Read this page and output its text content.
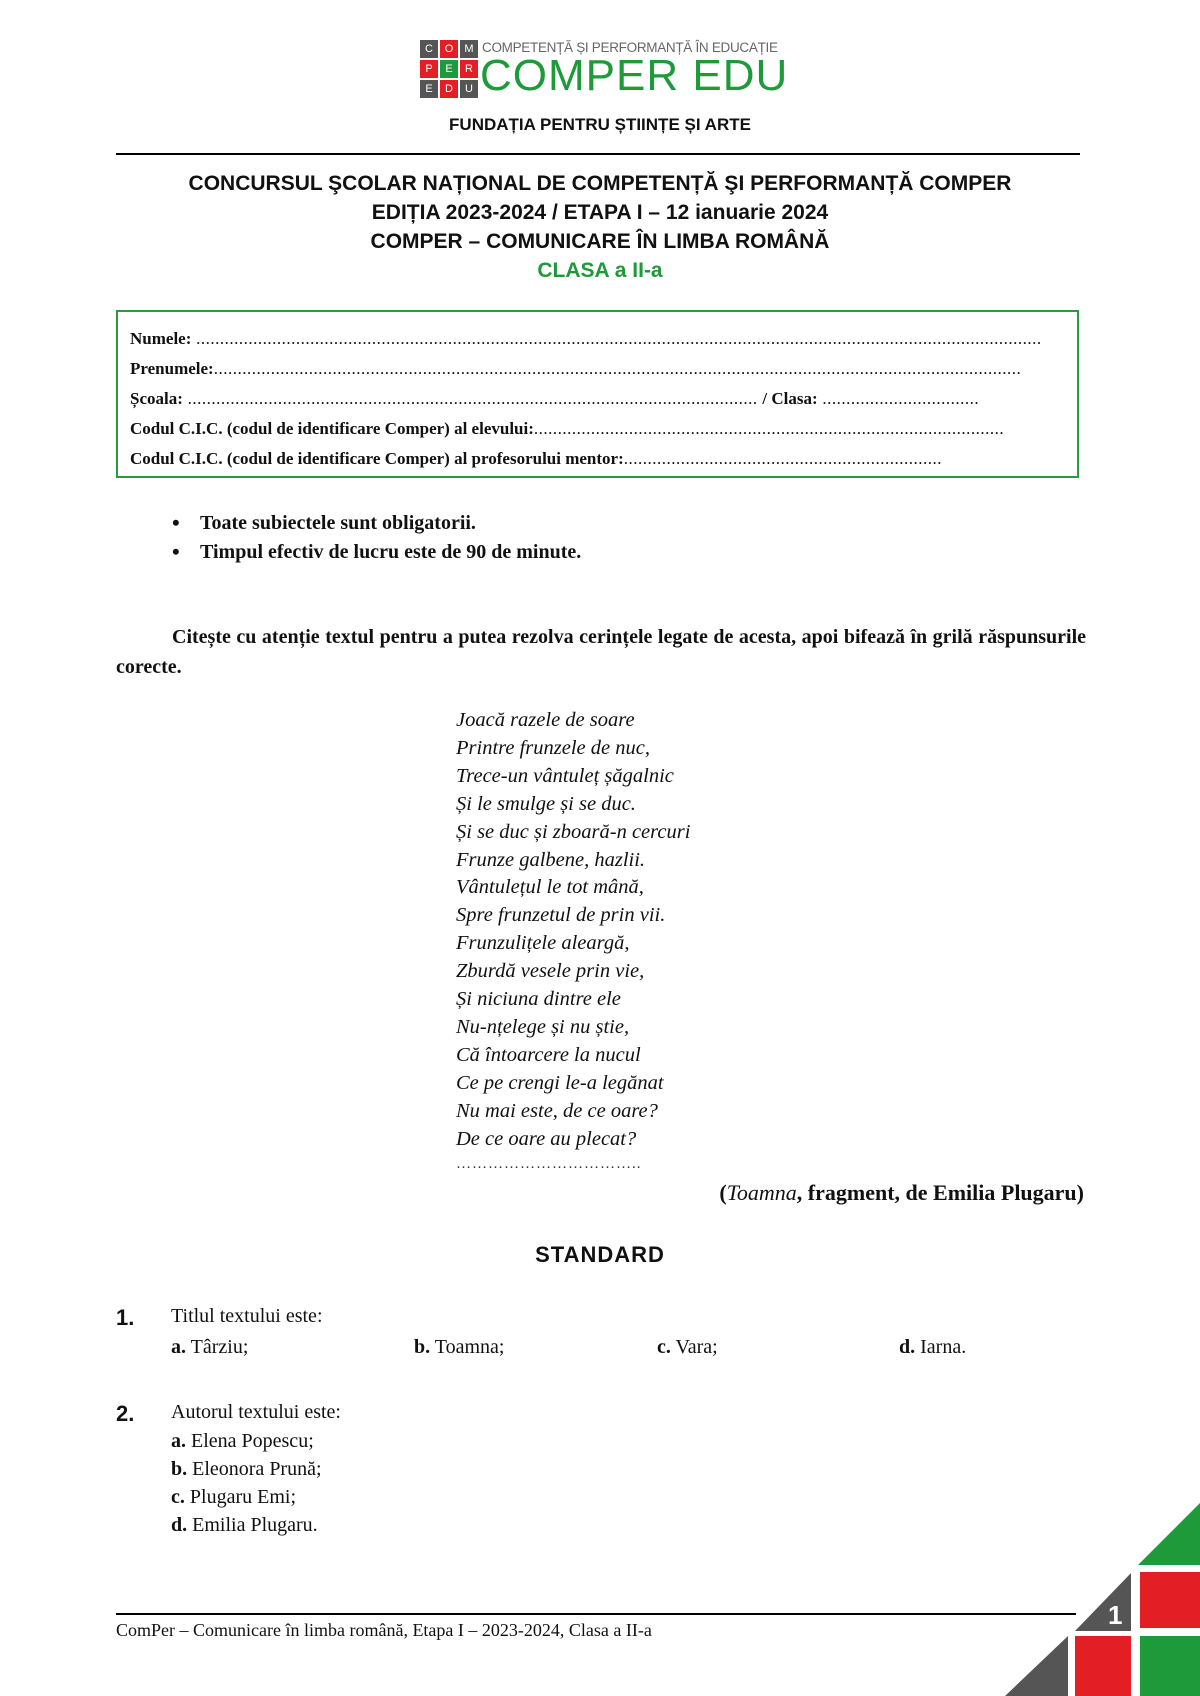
C	O	M
P	E	R
E	D	U
COMPETENȚĂ ȘI PERFORMANȚĂ ÎN EDUCAȚIE
COMPER EDU
FUNDAȚIA PENTRU ȘTIINȚE ȘI ARTE
CONCURSUL ŞCOLAR NAȚIONAL DE COMPETENȚĂ ŞI PERFORMANȚĂ COMPER
EDIȚIA 2023-2024 / ETAPA I – 12 ianuarie 2024
COMPER – COMUNICARE ÎN LIMBA ROMÂNĂ
CLASA a II-a
Numele: ..................................................................................................................................................................................
Prenumele:..........................................................................................................................................................................
Școala: ........................................................................................................................ / Clasa: .................................
Codul C.I.C. (codul de identificare Comper) al elevului:...................................................................................................
Codul C.I.C. (codul de identificare Comper) al profesorului mentor:...................................................................
• Toate subiectele sunt obligatorii.
• Timpul efectiv de lucru este de 90 de minute.
Citește cu atenție textul pentru a putea rezolva cerințele legate de acesta, apoi bifează în grilă răspunsurile corecte.
Joacă razele de soare
Printre frunzele de nuc,
Trece-un vântuleț șăgalnic
Și le smulge și se duc.
Și se duc și zboară-n cercuri
Frunze galbene, hazlii.
Vântulețul le tot mână,
Spre frunzetul de prin vii.
Frunzulițele aleargă,
Zburdă vesele prin vie,
Și niciuna dintre ele
Nu-nțelege și nu știe,
Că întoarcere la nucul
Ce pe crengi le-a legănat
Nu mai este, de ce oare?
De ce oare au plecat?
……………………………..
(Toamna, fragment, de Emilia Plugaru)
STANDARD
1. Titlul textului este:
a. Târziu;	b. Toamna;	c. Vara;	d. Iarna.
2. Autorul textului este:
a. Elena Popescu;
b. Eleonora Prună;
c. Plugaru Emi;
d. Emilia Plugaru.
ComPer – Comunicare în limba română, Etapa I – 2023-2024, Clasa a II-a	1
